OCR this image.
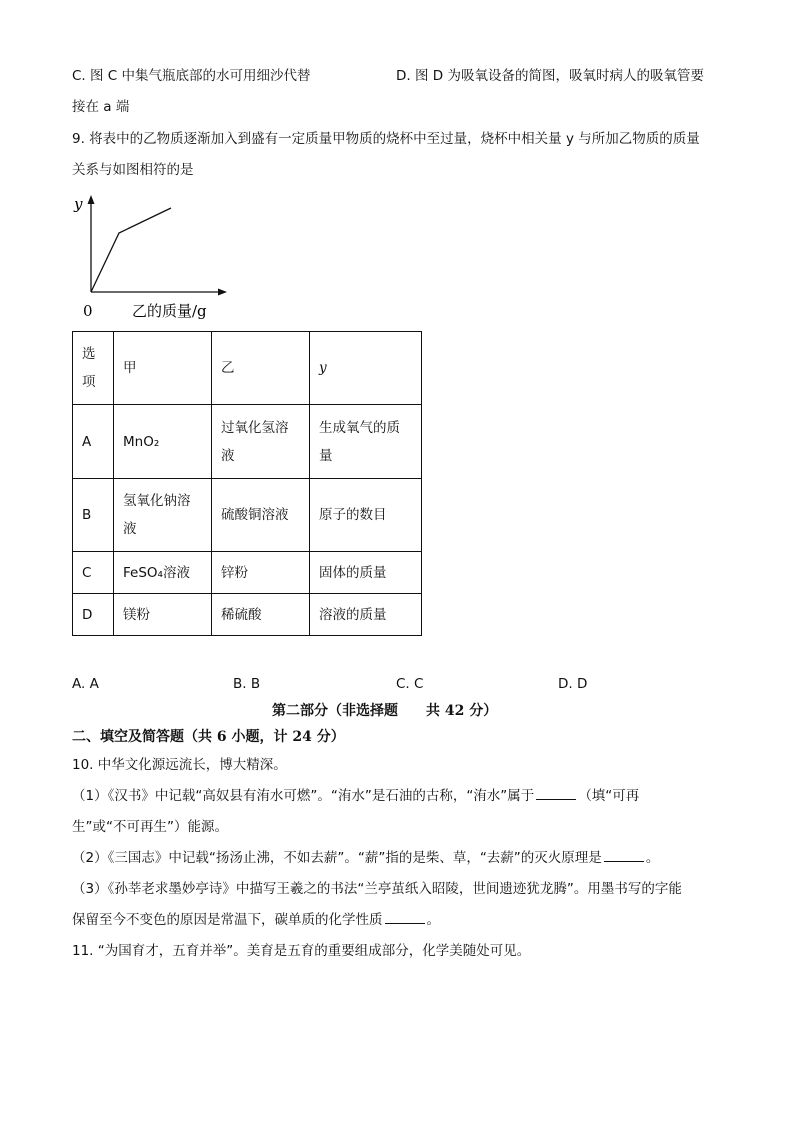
C. 图 C 中集气瓶底部的水可用细沙代替	D. 图 D 为吸氧设备的简图，吸氧时病人的吸氧管要
接在 a 端
9. 将表中的乙物质逐渐加入到盛有一定质量甲物质的烧杯中至过量，烧杯中相关量 y 与所加乙物质的质量
关系与如图相符的是
y
0	乙的质量/g
选项	甲	乙	y
A	MnO₂	过氧化氢溶液	生成氧气的质量
B	氢氧化钠溶液	硫酸铜溶液	原子的数目
C	FeSO₄溶液	锌粉	固体的质量
D	镁粉	稀硫酸	溶液的质量
A. A	B. B	C. C	D. D
第二部分（非选择题　　共 42 分）
二、填空及简答题（共 6 小题，计 24 分）
10. 中华文化源远流长，博大精深。
（1）《汉书》中记载“高奴县有洧水可燃”。“洧水”是石油的古称，“洧水”属于	（填“可再
生”或“不可再生”）能源。
（2）《三国志》中记载“扬汤止沸，不如去薪”。“薪”指的是柴、草，“去薪”的灭火原理是	。
（3）《孙莘老求墨妙亭诗》中描写王羲之的书法“兰亭茧纸入昭陵，世间遗迹犹龙腾”。用墨书写的字能
保留至今不变色的原因是常温下，碳单质的化学性质	。
11. “为国育才，五育并举”。美育是五育的重要组成部分，化学美随处可见。
